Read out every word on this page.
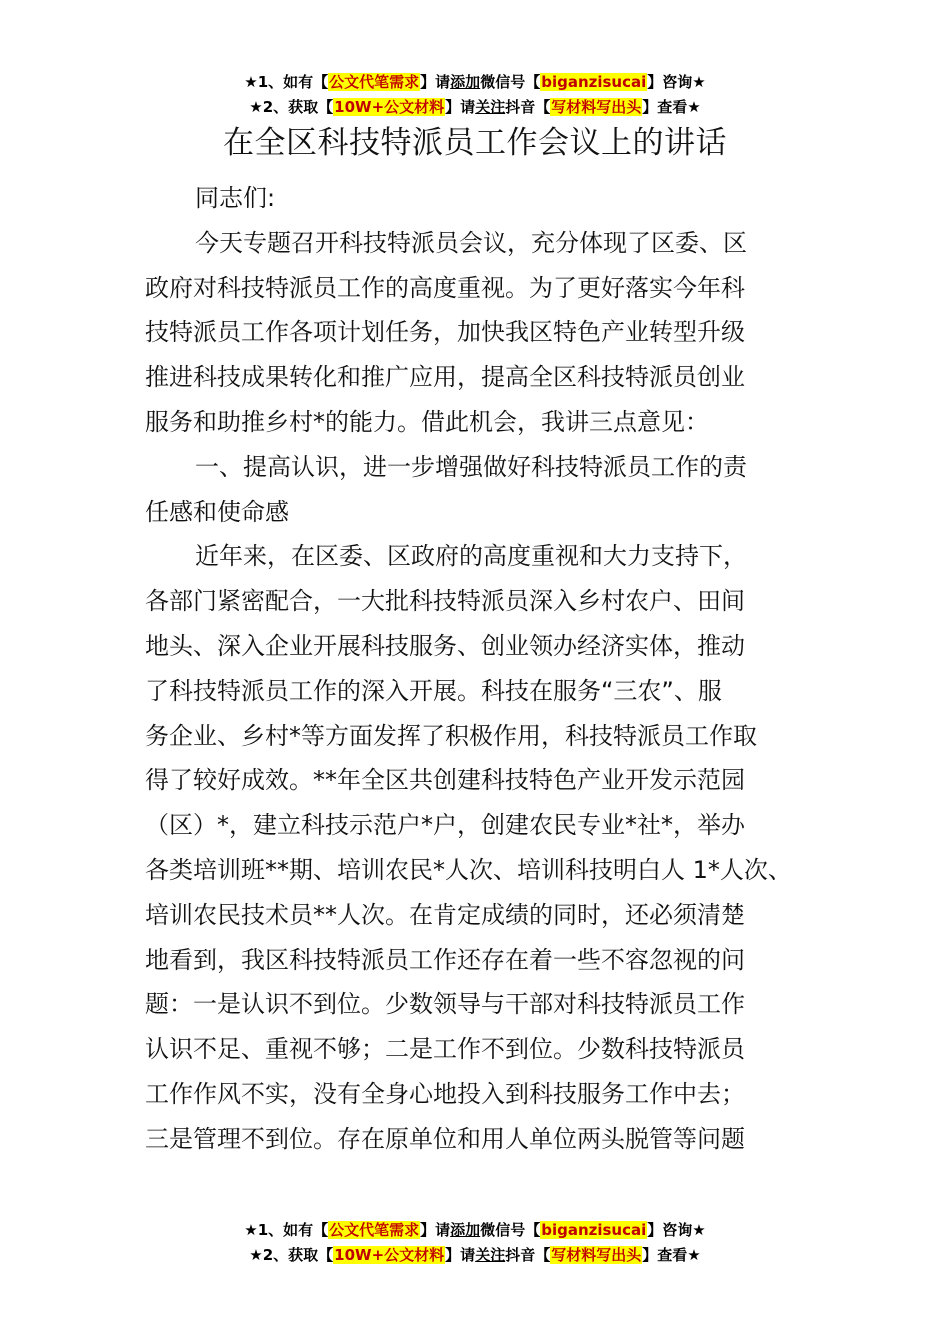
★1、如有【公文代笔需求】请添加微信号【biganzisucai】咨询★
★2、获取【10W+公文材料】请关注抖音【写材料写出头】查看★
在全区科技特派员工作会议上的讲话
同志们:
今天专题召开科技特派员会议，充分体现了区委、区
政府对科技特派员工作的高度重视。为了更好落实今年科
技特派员工作各项计划任务，加快我区特色产业转型升级
推进科技成果转化和推广应用，提高全区科技特派员创业
服务和助推乡村*的能力。借此机会，我讲三点意见：
一、提高认识，进一步增强做好科技特派员工作的责
任感和使命感
近年来，在区委、区政府的高度重视和大力支持下，
各部门紧密配合，一大批科技特派员深入乡村农户、田间
地头、深入企业开展科技服务、创业领办经济实体，推动
了科技特派员工作的深入开展。科技在服务“三农”、服
务企业、乡村*等方面发挥了积极作用，科技特派员工作取
得了较好成效。**年全区共创建科技特色产业开发示范园
（区）*，建立科技示范户*户，创建农民专业*社*，举办
各类培训班**期、培训农民*人次、培训科技明白人 1*人次、
培训农民技术员**人次。在肯定成绩的同时，还必须清楚
地看到，我区科技特派员工作还存在着一些不容忽视的问
题：一是认识不到位。少数领导与干部对科技特派员工作
认识不足、重视不够；二是工作不到位。少数科技特派员
工作作风不实，没有全身心地投入到科技服务工作中去；
三是管理不到位。存在原单位和用人单位两头脱管等问题
★1、如有【公文代笔需求】请添加微信号【biganzisucai】咨询★
★2、获取【10W+公文材料】请关注抖音【写材料写出头】查看★
